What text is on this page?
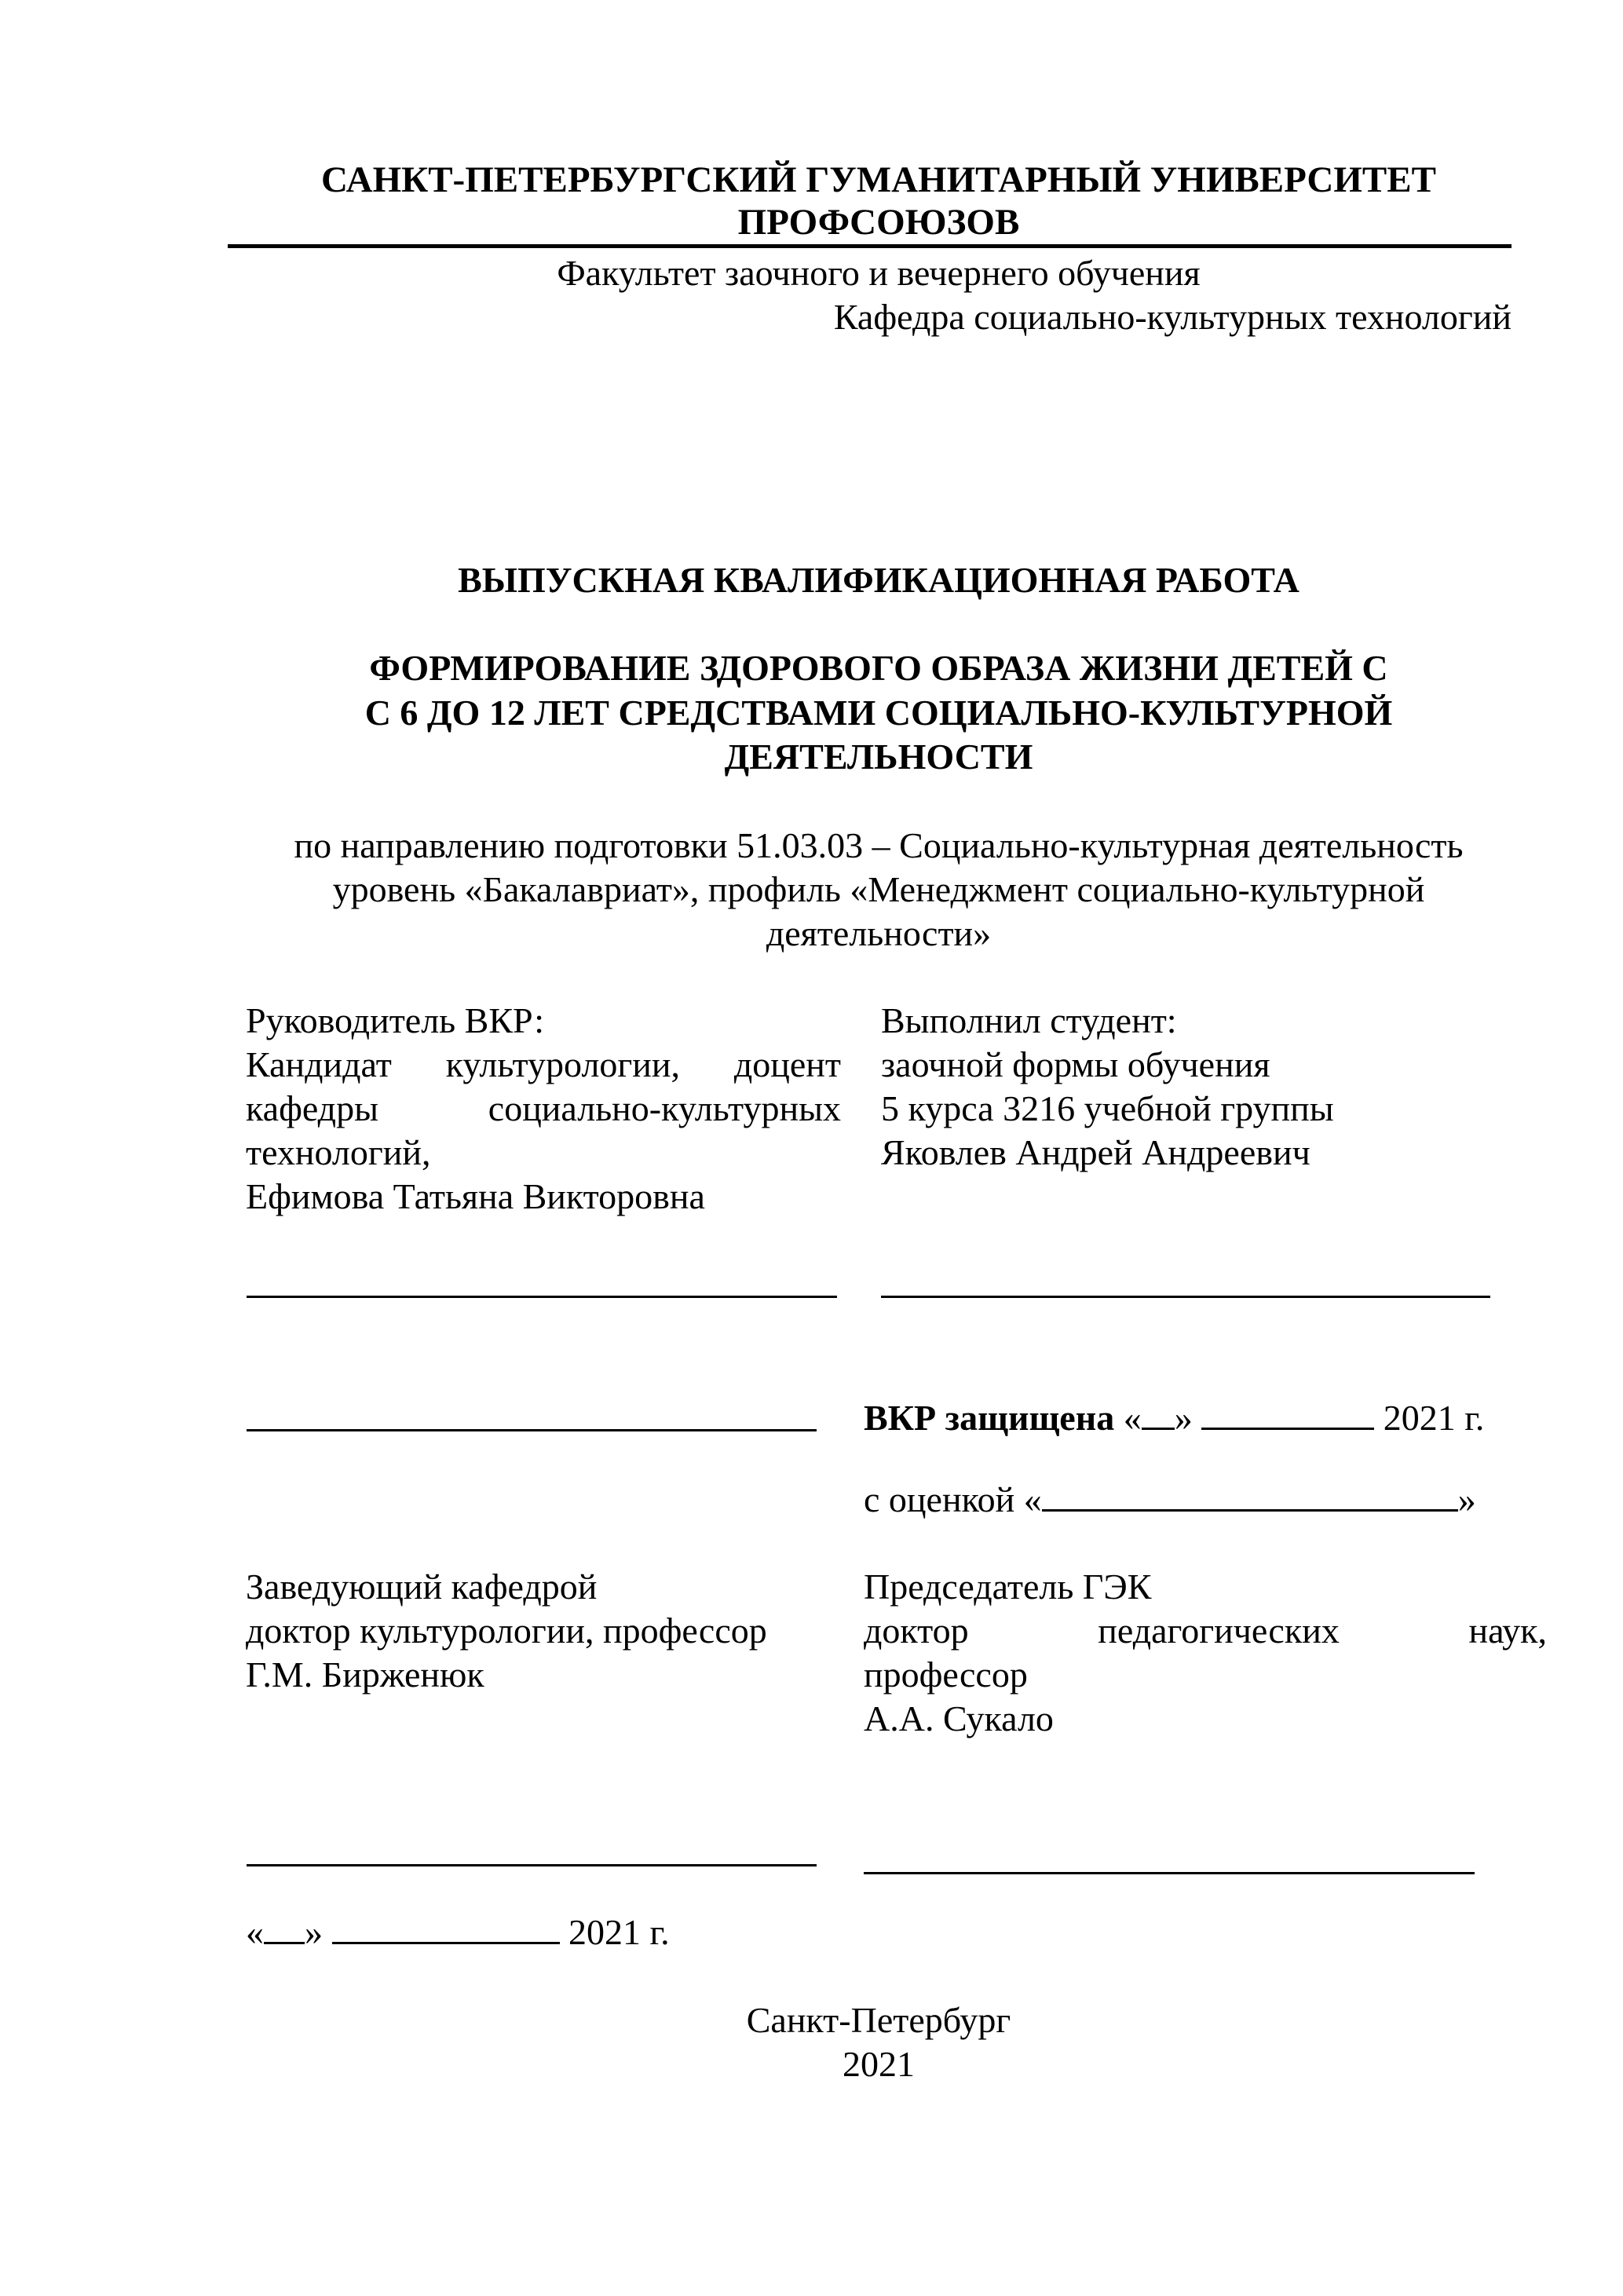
САНКТ-ПЕТЕРБУРГСКИЙ ГУМАНИТАРНЫЙ УНИВЕРСИТЕТ
ПРОФСОЮЗОВ
Факультет заочного и вечернего обучения
Кафедра социально-культурных технологий
ВЫПУСКНАЯ КВАЛИФИКАЦИОННАЯ РАБОТА
ФОРМИРОВАНИЕ ЗДОРОВОГО ОБРАЗА ЖИЗНИ ДЕТЕЙ С
С 6 ДО 12 ЛЕТ СРЕДСТВАМИ СОЦИАЛЬНО-КУЛЬТУРНОЙ
ДЕЯТЕЛЬНОСТИ
по направлению подготовки 51.03.03 – Социально-культурная деятельность
уровень «Бакалавриат», профиль «Менеджмент социально-культурной
деятельности»
Руководитель ВКР:
Кандидат культурологии, доцент
кафедры социально-культурных
технологий,
Ефимова Татьяна Викторовна
Выполнил студент:
заочной формы обучения
5 курса 3216 учебной группы
Яковлев Андрей Андреевич
ВКР защищена « »	2021 г.
с оценкой «	»
Заведующий кафедрой
доктор культурологии, профессор
Г.М. Бирженюк
Председатель ГЭК
доктор	педагогических	наук,
профессор
А.А. Сукало
« »	2021 г.
Санкт-Петербург
2021
